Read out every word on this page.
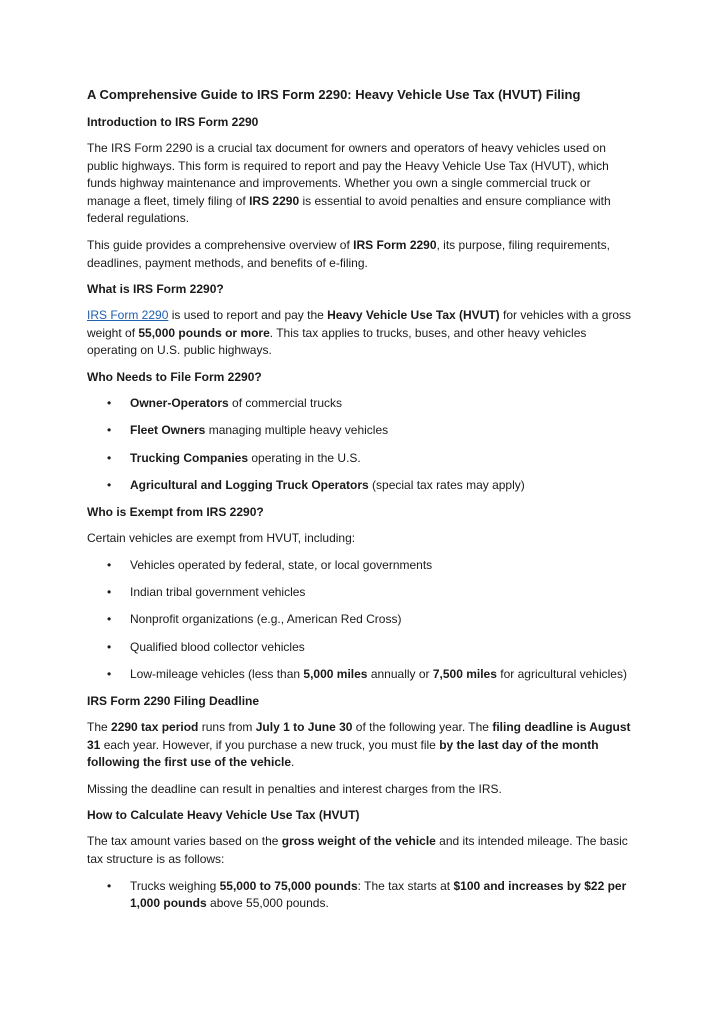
A Comprehensive Guide to IRS Form 2290: Heavy Vehicle Use Tax (HVUT) Filing
Introduction to IRS Form 2290

The IRS Form 2290 is a crucial tax document for owners and operators of heavy vehicles used on public highways. This form is required to report and pay the Heavy Vehicle Use Tax (HVUT), which funds highway maintenance and improvements. Whether you own a single commercial truck or manage a fleet, timely filing of IRS 2290 is essential to avoid penalties and ensure compliance with federal regulations.

This guide provides a comprehensive overview of IRS Form 2290, its purpose, filing requirements, deadlines, payment methods, and benefits of e-filing.

What is IRS Form 2290?

IRS Form 2290 is used to report and pay the Heavy Vehicle Use Tax (HVUT) for vehicles with a gross weight of 55,000 pounds or more. This tax applies to trucks, buses, and other heavy vehicles operating on U.S. public highways.

Who Needs to File Form 2290?
• Owner-Operators of commercial trucks
• Fleet Owners managing multiple heavy vehicles
• Trucking Companies operating in the U.S.
• Agricultural and Logging Truck Operators (special tax rates may apply)
Who is Exempt from IRS 2290?

Certain vehicles are exempt from HVUT, including:

• Vehicles operated by federal, state, or local governments
• Indian tribal government vehicles
• Nonprofit organizations (e.g., American Red Cross)
• Qualified blood collector vehicles
• Low-mileage vehicles (less than 5,000 miles annually or 7,500 miles for agricultural vehicles)
IRS Form 2290 Filing Deadline

The 2290 tax period runs from July 1 to June 30 of the following year. The filing deadline is August 31 each year. However, if you purchase a new truck, you must file by the last day of the month following the first use of the vehicle.

Missing the deadline can result in penalties and interest charges from the IRS.

How to Calculate Heavy Vehicle Use Tax (HVUT)

The tax amount varies based on the gross weight of the vehicle and its intended mileage. The basic tax structure is as follows:

• Trucks weighing 55,000 to 75,000 pounds: The tax starts at $100 and increases by $22 per 1,000 pounds above 55,000 pounds.
